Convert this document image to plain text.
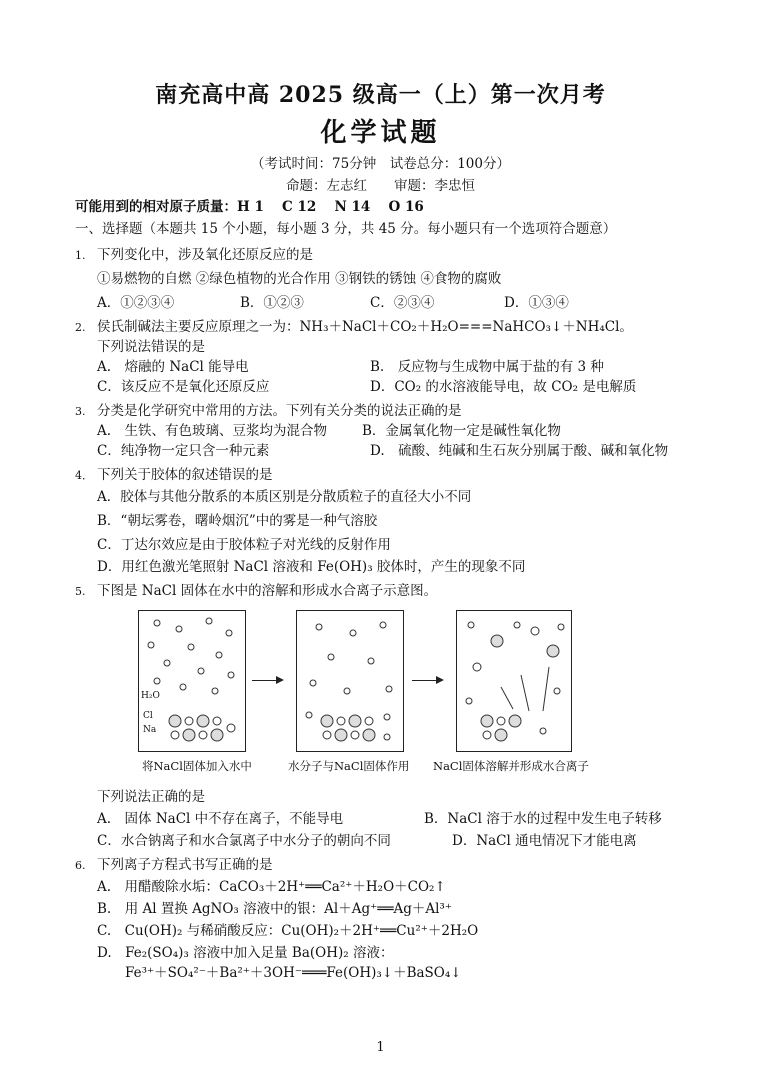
南充高中高 2025 级高一（上）第一次月考
化学试题
（考试时间：75分钟　试卷总分：100分）
命题：左志红　　审题：李忠恒
可能用到的相对原子质量：H 1　 C 12　 N 14　 O 16
一、选择题（本题共 15 个小题，每小题 3 分，共 45 分。每小题只有一个选项符合题意）
1. 下列变化中，涉及氧化还原反应的是
①易燃物的自燃 ②绿色植物的光合作用 ③钢铁的锈蚀 ④食物的腐败
A．①②③④	B．①②③	C．②③④	D．①③④
2. 侯氏制碱法主要反应原理之一为：NH₃＋NaCl＋CO₂＋H₂O===NaHCO₃↓＋NH₄Cl。
下列说法错误的是
A.　熔融的 NaCl 能导电	B.　反应物与生成物中属于盐的有 3 种
C．该反应不是氧化还原反应	D．CO₂ 的水溶液能导电，故 CO₂ 是电解质
3. 分类是化学研究中常用的方法。下列有关分类的说法正确的是
A.　生铁、有色玻璃、豆浆均为混合物	B．金属氧化物一定是碱性氧化物
C．纯净物一定只含一种元素	D.　硫酸、纯碱和生石灰分别属于酸、碱和氧化物
4． 下列关于胶体的叙述错误的是
A．胶体与其他分散系的本质区别是分散质粒子的直径大小不同
B．“朝坛雾卷，曙岭烟沉”中的雾是一种气溶胶
C．丁达尔效应是由于胶体粒子对光线的反射作用
D．用红色激光笔照射 NaCl 溶液和 Fe(OH)₃ 胶体时，产生的现象不同
5. 下图是 NaCl 固体在水中的溶解和形成水合离子示意图。
H₂O
Cl
Na
将NaCl固体加入水中	水分子与NaCl固体作用 NaCl固体溶解并形成水合离子
下列说法正确的是
A.　固体 NaCl 中不存在离子，不能导电	B．NaCl 溶于水的过程中发生电子转移
C．水合钠离子和水合氯离子中水分子的朝向不同	D．NaCl 通电情况下才能电离
6. 下列离子方程式书写正确的是
A.　用醋酸除水垢：CaCO₃＋2H⁺══Ca²⁺＋H₂O＋CO₂↑
B.　用 Al 置换 AgNO₃ 溶液中的银：Al＋Ag⁺══Ag＋Al³⁺
C.　Cu(OH)₂ 与稀硝酸反应：Cu(OH)₂＋2H⁺══Cu²⁺＋2H₂O
D.　Fe₂(SO₄)₃ 溶液中加入足量 Ba(OH)₂ 溶液：
Fe³⁺＋SO₄²⁻＋Ba²⁺＋3OH⁻═══Fe(OH)₃↓＋BaSO₄↓
1
